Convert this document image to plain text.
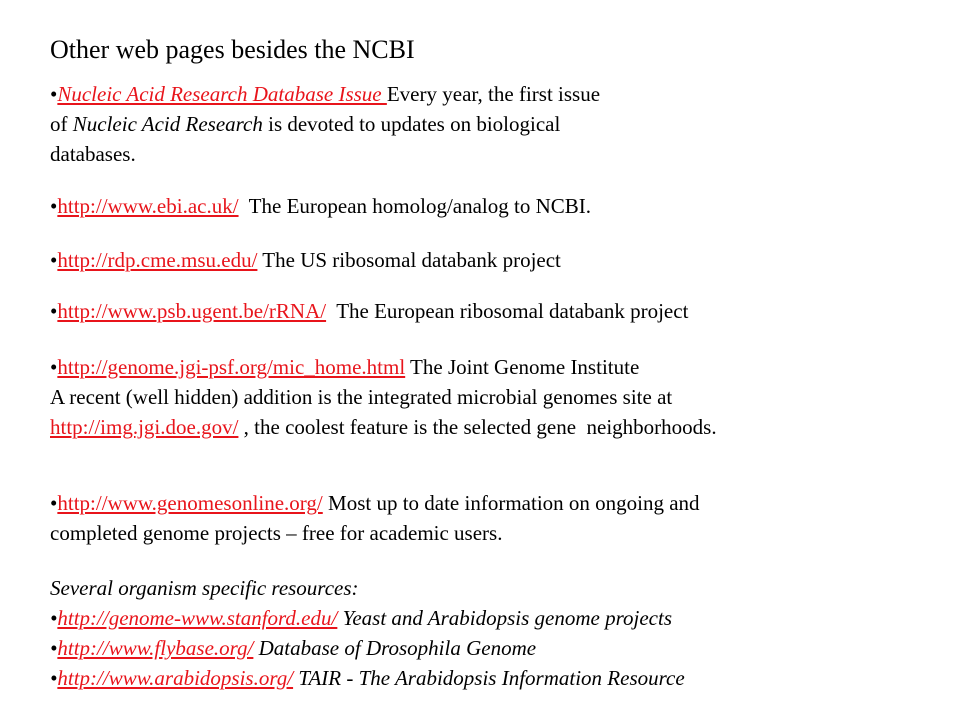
Other web pages besides the NCBI
•Nucleic Acid Research Database Issue Every year, the first issue
of Nucleic Acid Research is devoted to updates on biological
databases.
•http://www.ebi.ac.uk/  The European homolog/analog to NCBI.
•http://rdp.cme.msu.edu/ The US ribosomal databank project
•http://www.psb.ugent.be/rRNA/  The European ribosomal databank project
•http://genome.jgi-psf.org/mic_home.html The Joint Genome Institute
A recent (well hidden) addition is the integrated microbial genomes site at
http://img.jgi.doe.gov/ , the coolest feature is the selected gene  neighborhoods.
•http://www.genomesonline.org/ Most up to date information on ongoing and
completed genome projects – free for academic users.
Several organism specific resources:
•http://genome-www.stanford.edu/ Yeast and Arabidopsis genome projects
•http://www.flybase.org/ Database of Drosophila Genome
•http://www.arabidopsis.org/ TAIR - The Arabidopsis Information Resource
